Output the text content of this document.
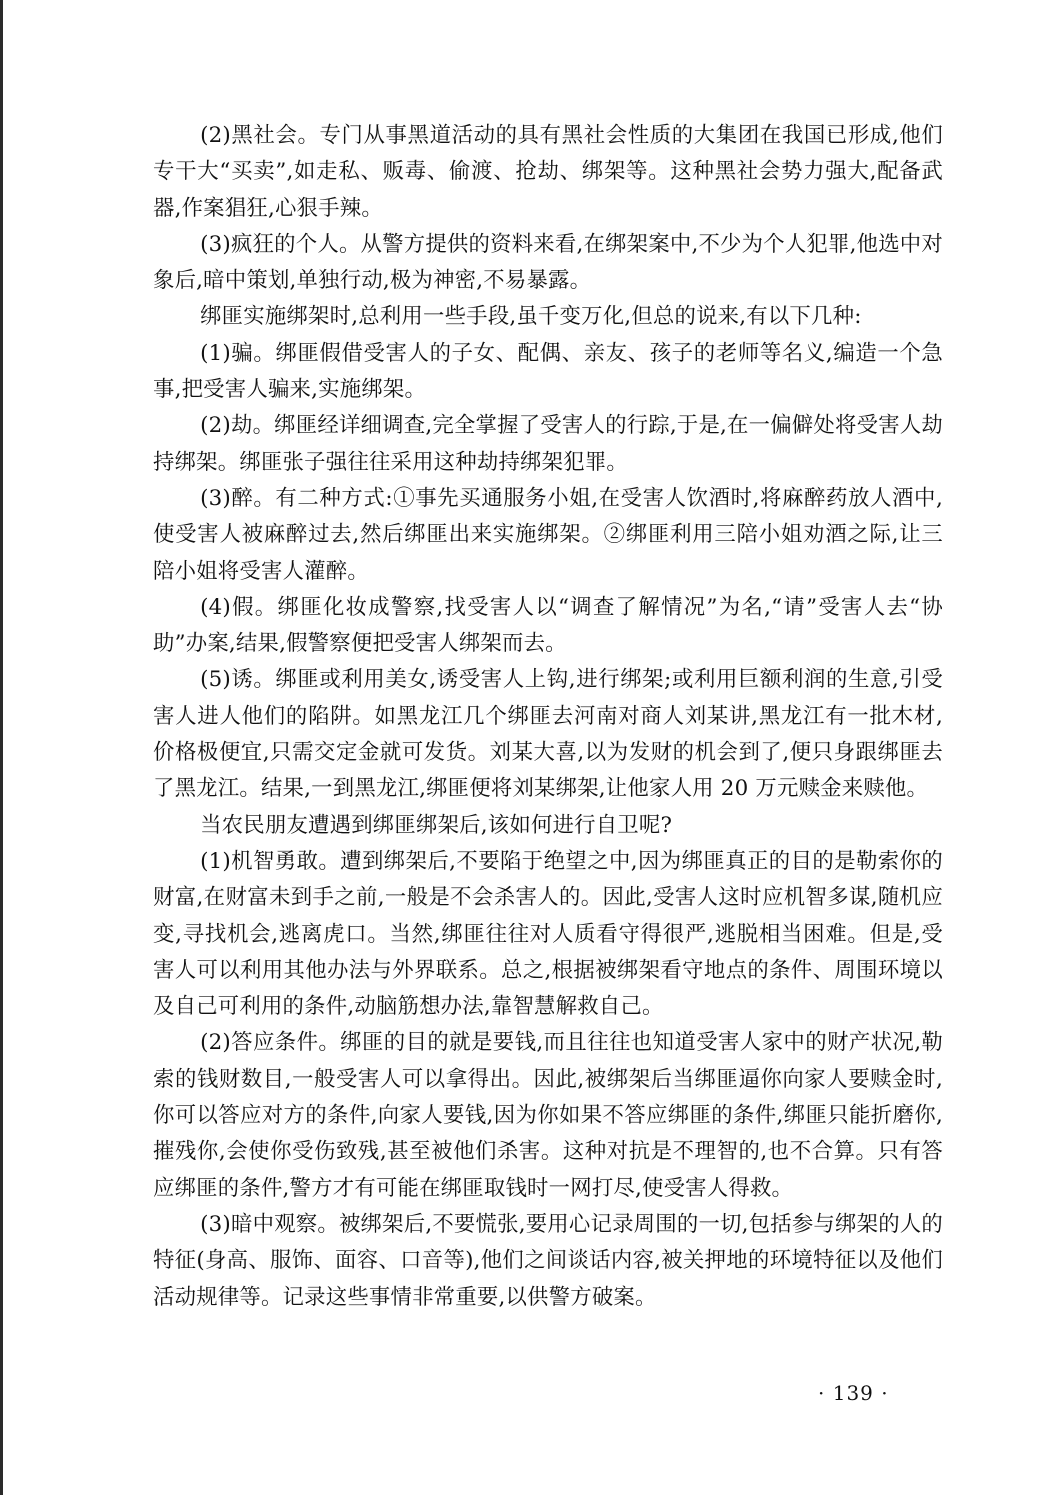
(2)黑社会。专门从事黑道活动的具有黑社会性质的大集团在我国已形成,他们专干大“买卖”,如走私、贩毒、偷渡、抢劫、绑架等。这种黑社会势力强大,配备武器,作案猖狂,心狠手辣。

(3)疯狂的个人。从警方提供的资料来看,在绑架案中,不少为个人犯罪,他选中对象后,暗中策划,单独行动,极为神密,不易暴露。

绑匪实施绑架时,总利用一些手段,虽千变万化,但总的说来,有以下几种:

(1)骗。绑匪假借受害人的子女、配偶、亲友、孩子的老师等名义,编造一个急事,把受害人骗来,实施绑架。

(2)劫。绑匪经详细调查,完全掌握了受害人的行踪,于是,在一偏僻处将受害人劫持绑架。绑匪张子强往往采用这种劫持绑架犯罪。

(3)醉。有二种方式:①事先买通服务小姐,在受害人饮酒时,将麻醉药放人酒中,使受害人被麻醉过去,然后绑匪出来实施绑架。②绑匪利用三陪小姐劝酒之际,让三陪小姐将受害人灌醉。

(4)假。绑匪化妆成警察,找受害人以“调查了解情况”为名,“请”受害人去“协助”办案,结果,假警察便把受害人绑架而去。

(5)诱。绑匪或利用美女,诱受害人上钩,进行绑架;或利用巨额利润的生意,引受害人进人他们的陷阱。如黑龙江几个绑匪去河南对商人刘某讲,黑龙江有一批木材,价格极便宜,只需交定金就可发货。刘某大喜,以为发财的机会到了,便只身跟绑匪去了黑龙江。结果,一到黑龙江,绑匪便将刘某绑架,让他家人用 20 万元赎金来赎他。

当农民朋友遭遇到绑匪绑架后,该如何进行自卫呢?

(1)机智勇敢。遭到绑架后,不要陷于绝望之中,因为绑匪真正的目的是勒索你的财富,在财富未到手之前,一般是不会杀害人的。因此,受害人这时应机智多谋,随机应变,寻找机会,逃离虎口。当然,绑匪往往对人质看守得很严,逃脱相当困难。但是,受害人可以利用其他办法与外界联系。总之,根据被绑架看守地点的条件、周围环境以及自己可利用的条件,动脑筋想办法,靠智慧解救自己。

(2)答应条件。绑匪的目的就是要钱,而且往往也知道受害人家中的财产状况,勒索的钱财数目,一般受害人可以拿得出。因此,被绑架后当绑匪逼你向家人要赎金时,你可以答应对方的条件,向家人要钱,因为你如果不答应绑匪的条件,绑匪只能折磨你,摧残你,会使你受伤致残,甚至被他们杀害。这种对抗是不理智的,也不合算。只有答应绑匪的条件,警方才有可能在绑匪取钱时一网打尽,使受害人得救。

(3)暗中观察。被绑架后,不要慌张,要用心记录周围的一切,包括参与绑架的人的特征(身高、服饰、面容、口音等),他们之间谈话内容,被关押地的环境特征以及他们活动规律等。记录这些事情非常重要,以供警方破案。

· 139 ·
